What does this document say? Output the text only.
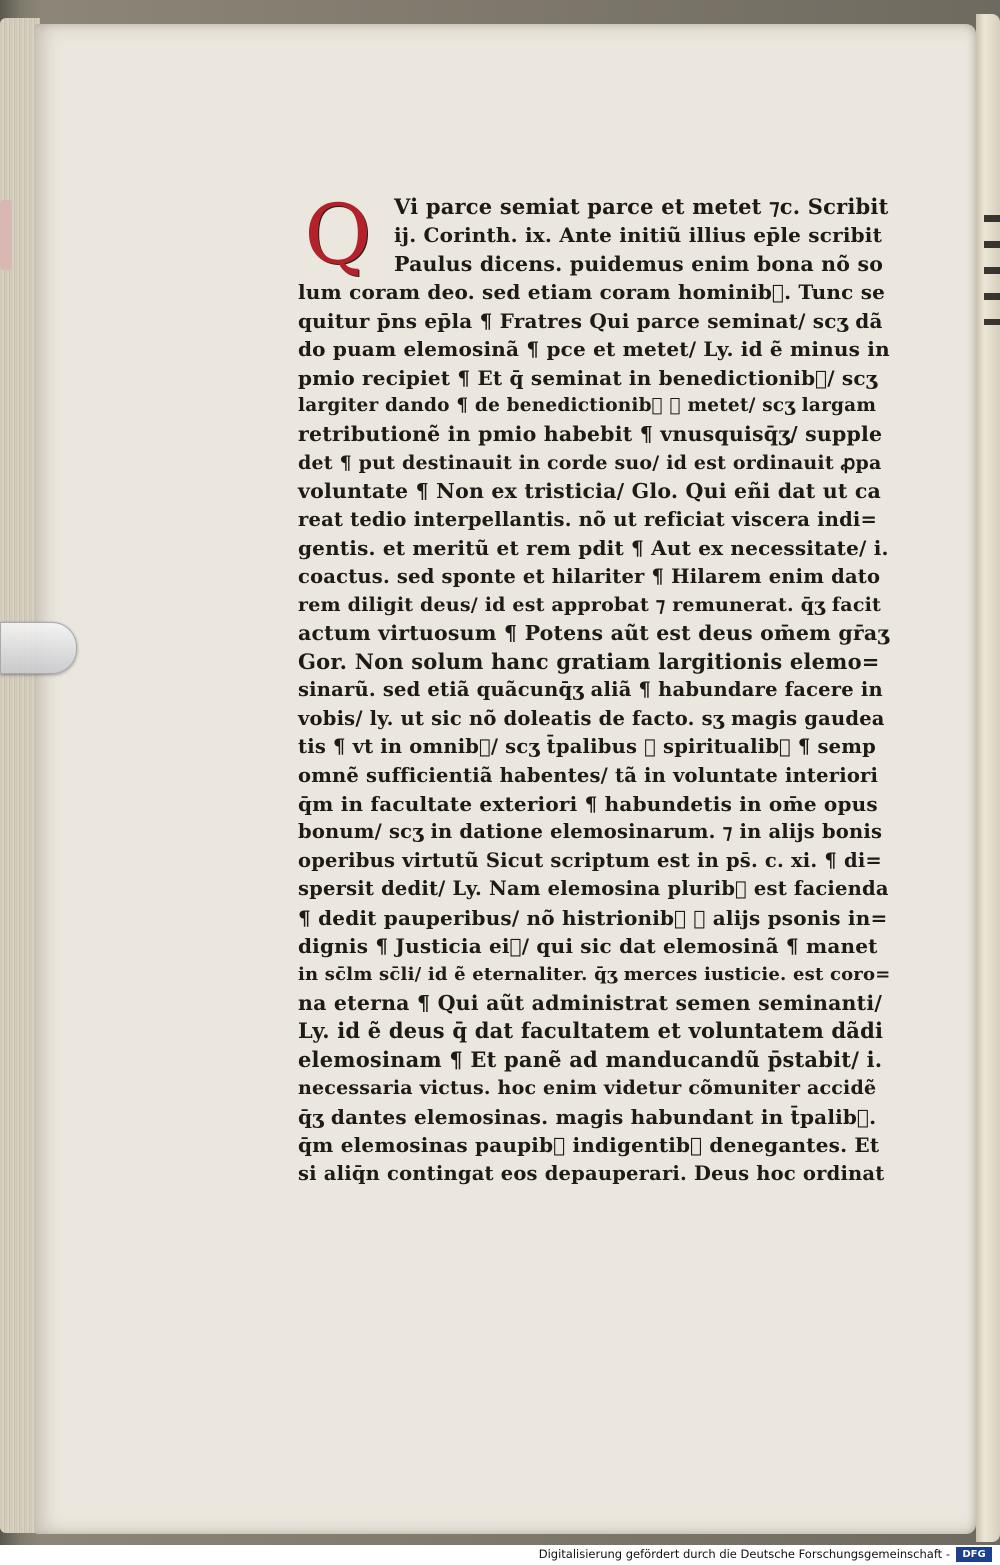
Q	Vi parce semiat parce et metet ⁊c. Scribit
ij. Corinth. ix. Ante initiũ illius ep̄le scribit
Paulus dicens. puidemus enim bona nõ so
lum coram deo. sed etiam coram hominib᷒. Tunc se
quitur p̄ns ep̄la ¶ Fratres Qui parce seminat/ scʒ dã
do puam elemosinã ¶ pce et metet/ Ly. id ẽ minus in
pmio recipiet ¶ Et q̄ seminat in benedictionib᷒/ scʒ
largiter dando ¶ de benedictionib᷒ ⁊ metet/ scʒ largam
retributionẽ in pmio habebit ¶ vnusquisq̄ʒ/ supple
det ¶ put destinauit in corde suo/ id est ordinauit ꝓpa
voluntate ¶ Non ex tristicia/ Glo. Qui eñi dat ut ca
reat tedio interpellantis. nõ ut reficiat viscera indi=
gentis. et meritũ et rem pdit ¶ Aut ex necessitate/ i.
coactus. sed sponte et hilariter ¶ Hilarem enim dato
rem diligit deus/ id est approbat ⁊ remunerat. q̄ʒ facit
actum virtuosum ¶ Potens aũt est deus om̄em gr̄aʒ
Gor. Non solum hanc gratiam largitionis elemo=
sinarũ. sed etiã quãcunq̄ʒ aliã ¶ habundare facere in
vobis/ ly. ut sic nõ doleatis de facto. sʒ magis gaudea
tis ¶ vt in omnib᷒/ scʒ t̄palibus ⁊ spiritualib᷒ ¶ semp
omnẽ sufficientiã habentes/ tã in voluntate interiori
q̄m in facultate exteriori ¶ habundetis in om̄e opus
bonum/ scʒ in datione elemosinarum. ⁊ in alijs bonis
operibus virtutũ Sicut scriptum est in ps̄. c. xi. ¶ di=
spersit dedit/ Ly. Nam elemosina plurib᷒ est facienda
¶ dedit pauperibus/ nõ histrionib᷒ ⁊ alijs psonis in=
dignis ¶ Justicia ei᷒/ qui sic dat elemosinã ¶ manet
in sc̄lm sc̄li/ id ẽ eternaliter. q̄ʒ merces iusticie. est coro=
na eterna ¶ Qui aũt administrat semen seminanti/
Ly. id ẽ deus q̄ dat facultatem et voluntatem dãdi
elemosinam ¶ Et panẽ ad manducandũ p̄stabit/ i.
necessaria victus. hoc enim videtur cõmuniter accidẽ
q̄ʒ dantes elemosinas. magis habundant in t̄palib᷒.
q̄m elemosinas paupib᷒ indigentib᷒ denegantes. Et
si aliq̄n contingat eos depauperari. Deus hoc ordinat
Digitalisierung gefördert durch die Deutsche Forschungsgemeinschaft -	DFG
